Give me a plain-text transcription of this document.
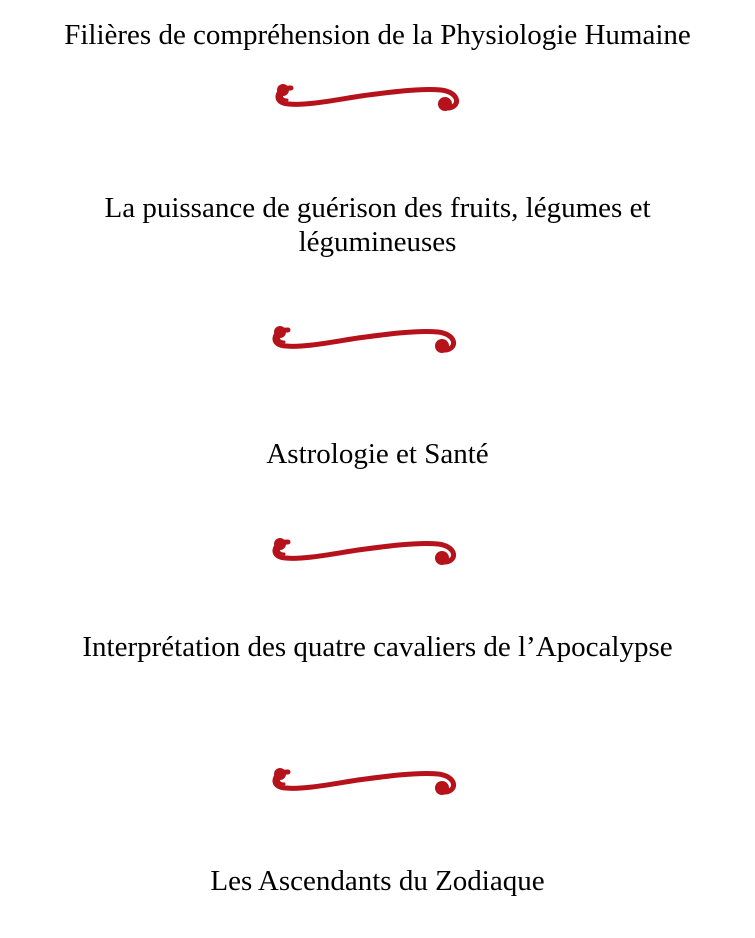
Filières de compréhension de la Physiologie Humaine
La puissance de guérison des fruits, légumes et légumineuses
Astrologie et Santé
Interprétation des quatre cavaliers de l’Apocalypse
Les Ascendants du Zodiaque
